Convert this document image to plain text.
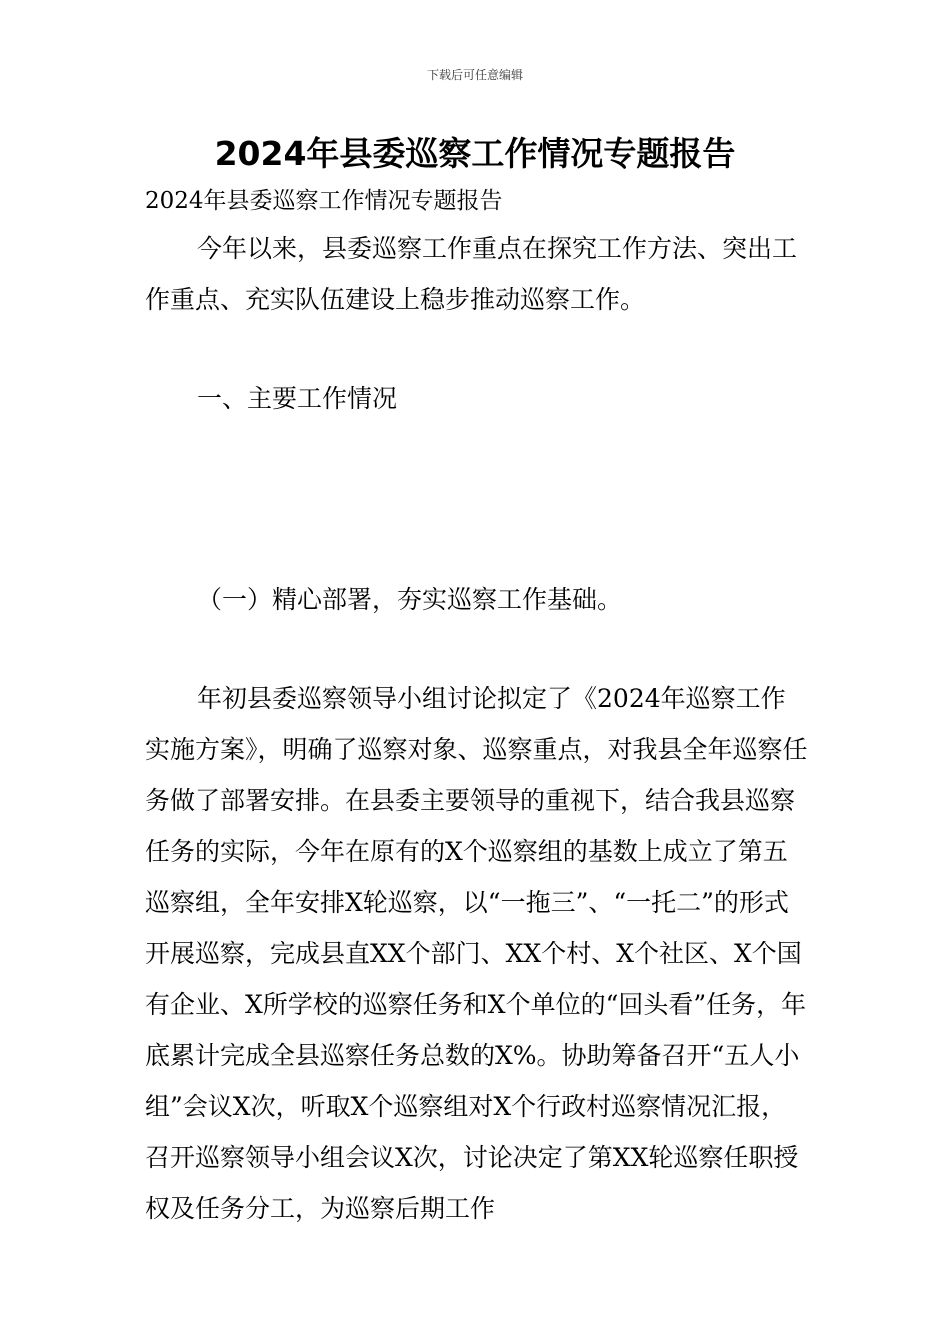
下载后可任意编辑
2024年县委巡察工作情况专题报告

2024年县委巡察工作情况专题报告

今年以来，县委巡察工作重点在探究工作方法、突出工作重点、充实队伍建设上稳步推动巡察工作。

一、主要工作情况

（一）精心部署，夯实巡察工作基础。

年初县委巡察领导小组讨论拟定了《2024年巡察工作实施方案》，明确了巡察对象、巡察重点，对我县全年巡察任务做了部署安排。在县委主要领导的重视下，结合我县巡察任务的实际，今年在原有的X个巡察组的基数上成立了第五巡察组，全年安排X轮巡察，以“一拖三”、“一托二”的形式开展巡察，完成县直XX个部门、XX个村、X个社区、X个国有企业、X所学校的巡察任务和X个单位的“回头看”任务，年底累计完成全县巡察任务总数的X%。协助筹备召开“五人小组”会议X次，听取X个巡察组对X个行政村巡察情况汇报，召开巡察领导小组会议X次，讨论决定了第XX轮巡察任职授权及任务分工，为巡察后期工作
